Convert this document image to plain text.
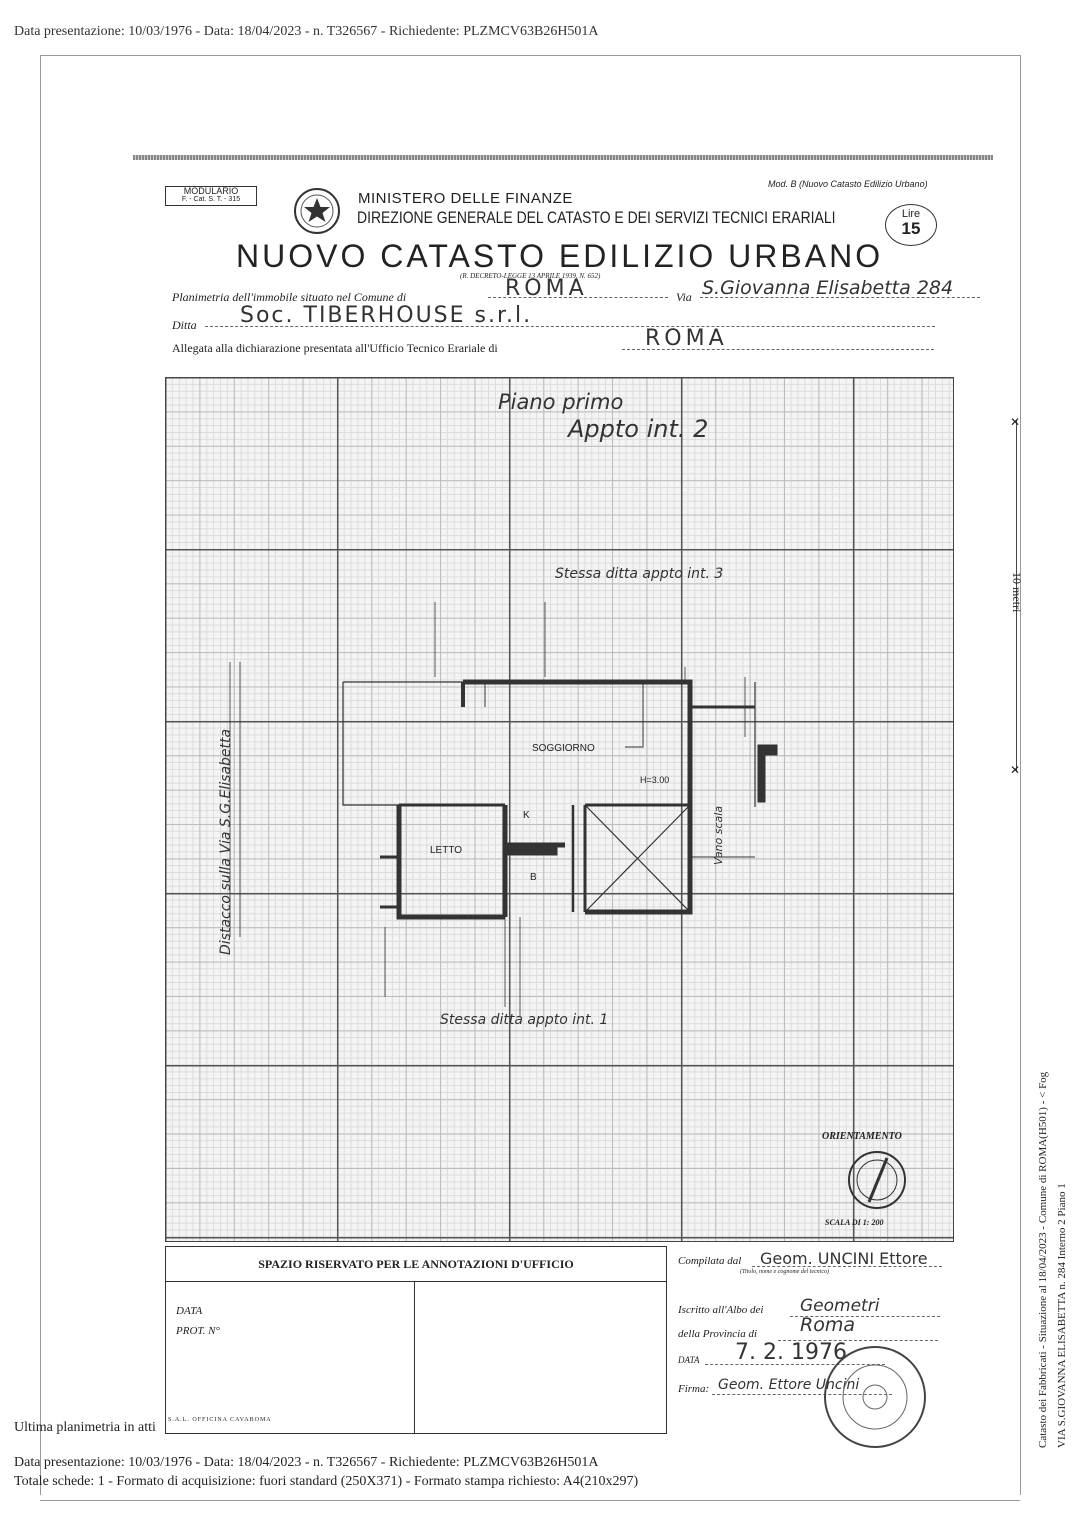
Data presentazione: 10/03/1976 - Data: 18/04/2023 - n. T326567 - Richiedente: PLZMCV63B26H501A
MODULARIO
F. - Cat. S. T. - 315
Mod. B (Nuovo Catasto Edilizio Urbano)
MINISTERO DELLE FINANZE
DIREZIONE GENERALE DEL CATASTO E DEI SERVIZI TECNICI ERARIALI	Lire
15
NUOVO CATASTO EDILIZIO URBANO
(R. DECRETO-LEGGE 13 APRILE 1939, N. 652)
Planimetria dell'immobile situato nel Comune di	ROMA	Via S.Giovanna Elisabetta 284
Ditta Soc. TIBERHOUSE s.r.l.
Allegata alla dichiarazione presentata all'Ufficio Tecnico Erariale di	ROMA
Piano primo
Appto int. 2
Stessa ditta appto int. 3
Stessa ditta appto int. 1
Distacco sulla Via S.G.Elisabetta	Vano scala
SOGGIORNO
LETTO
K
B
H=3.00
ORIENTAMENTO
SCALA DI 1: 200
✕
✕
10 metri
SPAZIO RISERVATO PER LE ANNOTAZIONI D'UFFICIO
DATA
PROT. N°
Compilata dal Geom. UNCINI Ettore
(Titolo, nome e cognome del tecnico)
Iscritto all'Albo dei Geometri
della Provincia di Roma
DATA 7. 2. 1976
Firma: Geom. Ettore Uncini
S.A.L. OFFICINA CAVABOMA
Ultima planimetria in atti
Data presentazione: 10/03/1976 - Data: 18/04/2023 - n. T326567 - Richiedente: PLZMCV63B26H501A
Totale schede: 1 - Formato di acquisizione: fuori standard (250X371) - Formato stampa richiesto: A4(210x297)
Catasto dei Fabbricati - Situazione al 18/04/2023 - Comune di ROMA(H501) - < Fog VIA S.GIOVANNA ELISABETTA n. 284 Interno 2 Piano 1
